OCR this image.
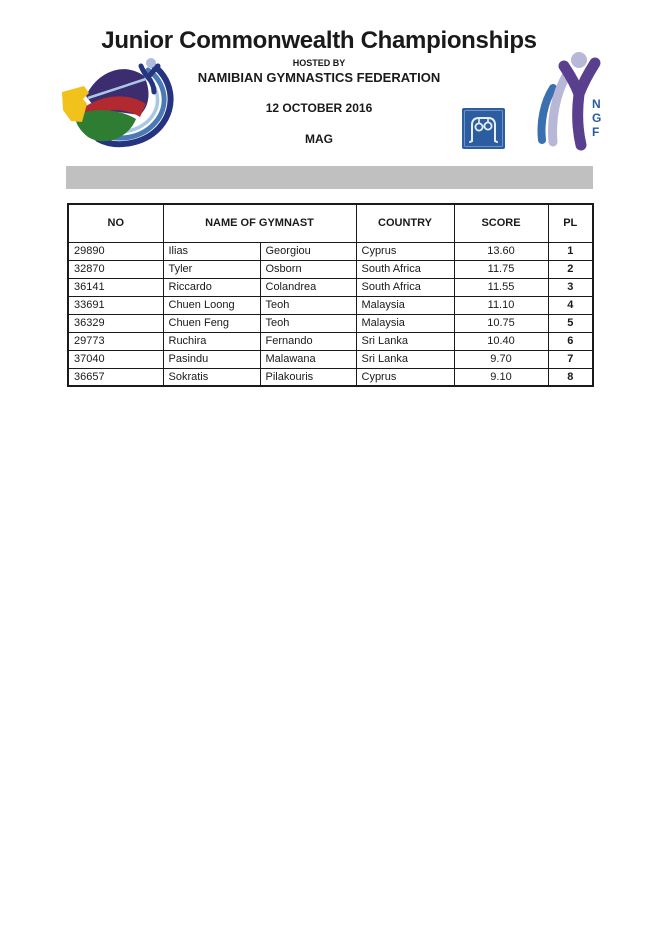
N
G
F
Junior Commonwealth Championships
HOSTED BY
NAMIBIAN GYMNASTICS FEDERATION
12 OCTOBER 2016
MAG
NO	NAME OF GYMNAST		COUNTRY	SCORE	PL
29890	Ilias	Georgiou	Cyprus	13.60	1
32870	Tyler	Osborn	South Africa	11.75	2
36141	Riccardo	Colandrea	South Africa	11.55	3
33691	Chuen Loong	Teoh	Malaysia	11.10	4
36329	Chuen Feng	Teoh	Malaysia	10.75	5
29773	Ruchira	Fernando	Sri Lanka	10.40	6
37040	Pasindu	Malawana	Sri Lanka	9.70	7
36657	Sokratis	Pilakouris	Cyprus	9.10	8
